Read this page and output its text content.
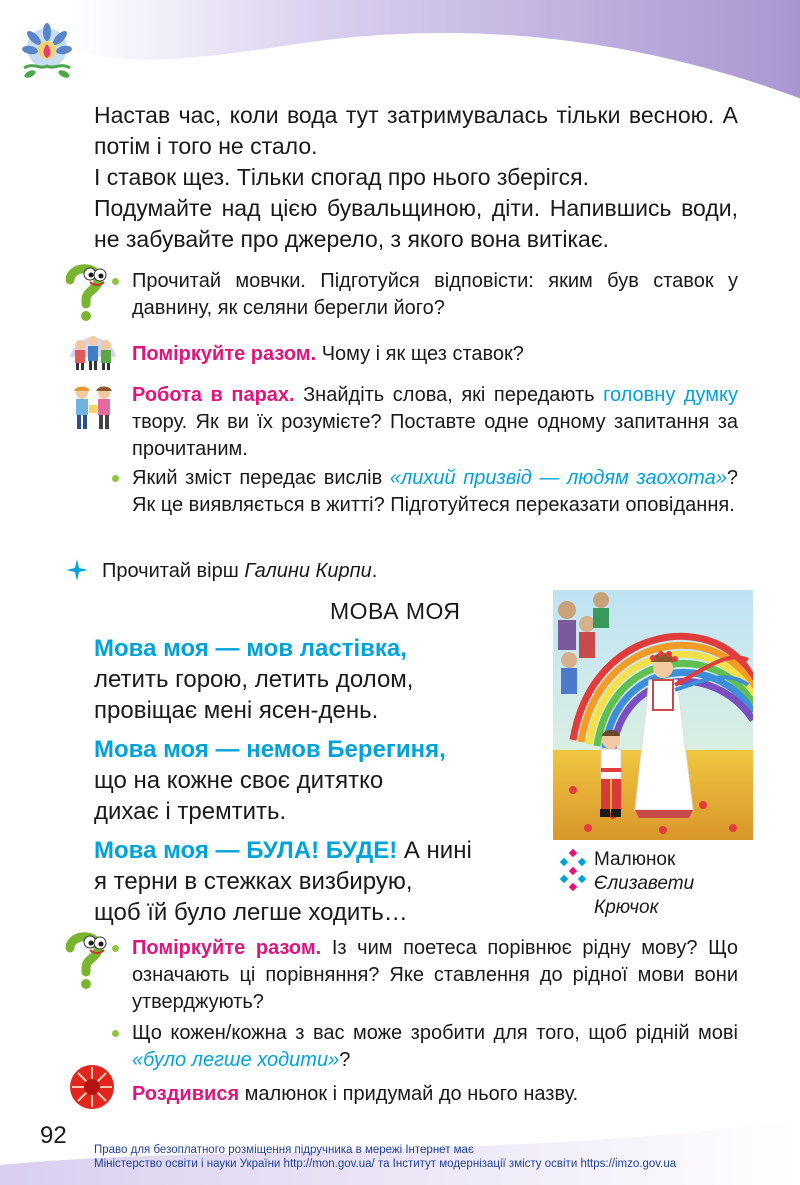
Настав час, коли вода тут затримувалась тільки весною. А потім і того не стало.

І ставок щез. Тільки спогад про нього зберігся.

Подумайте над цією бувальщиною, діти. Напившись води, не забувайте про джерело, з якого вона витікає.

Прочитай мовчки. Підготуйся відповісти: яким був ставок у давнину, як селяни берегли його?
Поміркуйте разом. Чому і як щез ставок?
Робота в парах. Знайдіть слова, які передають головну думку твору. Як ви їх розумієте? Поставте одне одному запитання за прочитаним.
Який зміст передає вислів «лихий призвід — людям заохота»? Як це виявляється в житті? Підготуйтеся переказати оповідання.
Прочитай вірш Галини Кирпи.
МОВА МОЯ
Мова моя — мов ластівка,
летить горою, летить долом,
провіщає мені ясен-день.
Мова моя — немов Берегиня,
що на кожне своє дитятко
дихає і тремтить.
Мова моя — БУЛА! БУДЕ! А нині
я терни в стежках визбирую,
щоб їй було легше ходить…
Малюнок
Єлизавети
Крючок
Поміркуйте разом. Із чим поетеса порівнює рідну мову? Що означають ці порівняння? Яке ставлення до рідної мови вони утверджують?
Що кожен/кожна з вас може зробити для того, щоб рідній мові «було легше ходити»?
Роздивися малюнок і придумай до нього назву.
92
Право для безоплатного розміщення підручника в мережі Інтернет має
Міністерство освіти і науки України http://mon.gov.ua/ та Інститут модернізації змісту освіти https://imzo.gov.ua
